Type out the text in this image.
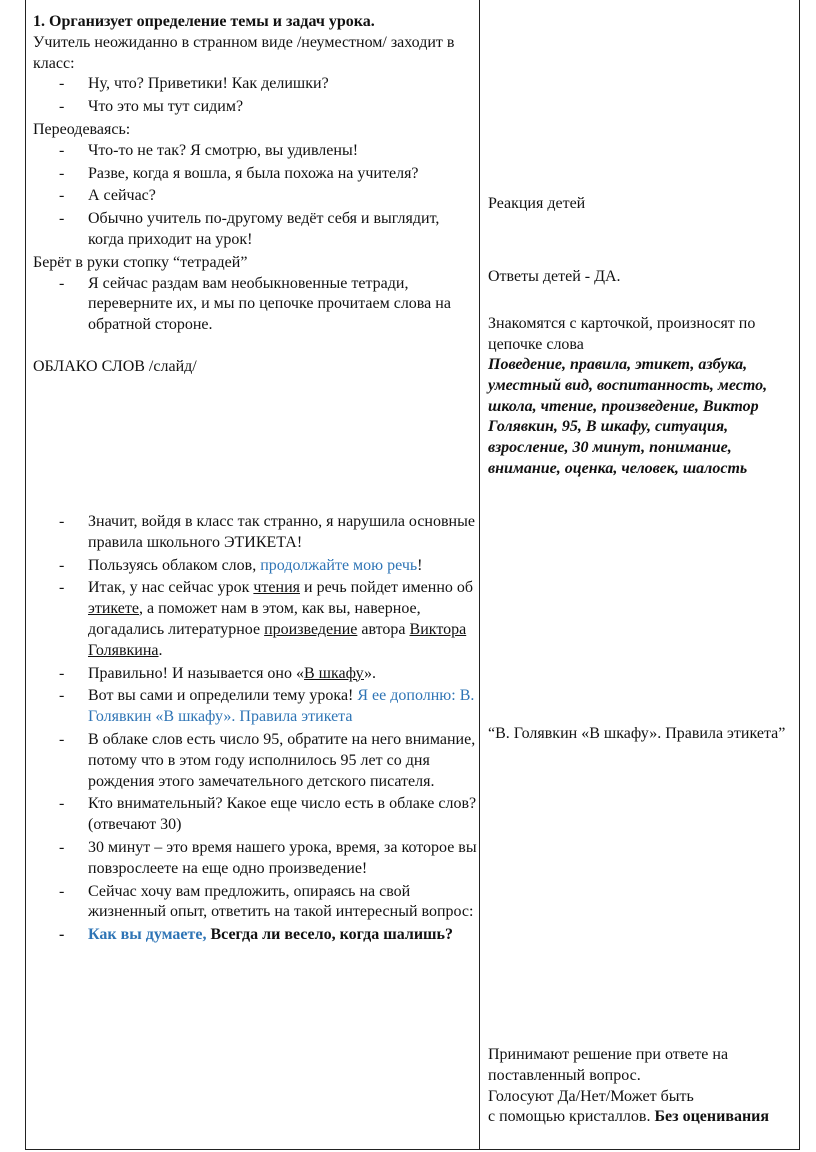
1. Организует определение темы и задач урока.

Учитель неожиданно в странном виде /неуместном/ заходит в класс:

- Ну, что? Приветики! Как делишки?
- Что это мы тут сидим?

Переодеваясь:

- Что-то не так? Я смотрю, вы удивлены!
- Разве, когда я вошла, я была похожа на учителя?
- А сейчас?
- Обычно учитель по-другому ведёт себя и выглядит, когда приходит на урок!

Берёт в руки стопку “тетрадей”

- Я сейчас раздам вам необыкновенные тетради, переверните их, и мы по цепочке прочитаем слова на обратной стороне.

ОБЛАКО СЛОВ /слайд/

- Значит, войдя в класс так странно, я нарушила основные правила школьного ЭТИКЕТА!
- Пользуясь облаком слов, продолжайте мою речь!
- Итак, у нас сейчас урок чтения и речь пойдет именно об этикете, а поможет нам в этом, как вы, наверное, догадались литературное произведение автора Виктора Голявкина.
- Правильно! И называется оно «В шкафу».
- Вот вы сами и определили тему урока! Я ее дополню: В. Голявкин «В шкафу». Правила этикета
- В облаке слов есть число 95, обратите на него внимание, потому что в этом году исполнилось 95 лет со дня рождения этого замечательного детского писателя.
- Кто внимательный? Какое еще число есть в облаке слов? (отвечают 30)
- 30 минут – это время нашего урока, время, за которое вы повзрослеете на еще одно произведение!
- Сейчас хочу вам предложить, опираясь на свой жизненный опыт, ответить на такой интересный вопрос:
- Как вы думаете, Всегда ли весело, когда шалишь?

Реакция детей

Ответы детей - ДА.

Знакомятся с карточкой, произносят по цепочке слова

Поведение, правила, этикет, азбука, уместный вид, воспитанность, место, школа, чтение, произведение, Виктор Голявкин, 95, В шкафу, ситуация, взросление, 30 минут, понимание, внимание, оценка, человек, шалость

“В. Голявкин «В шкафу». Правила этикета”

Принимают решение при ответе на поставленный вопрос.

Голосуют Да/Нет/Может быть

с помощью кристаллов. Без оценивания
